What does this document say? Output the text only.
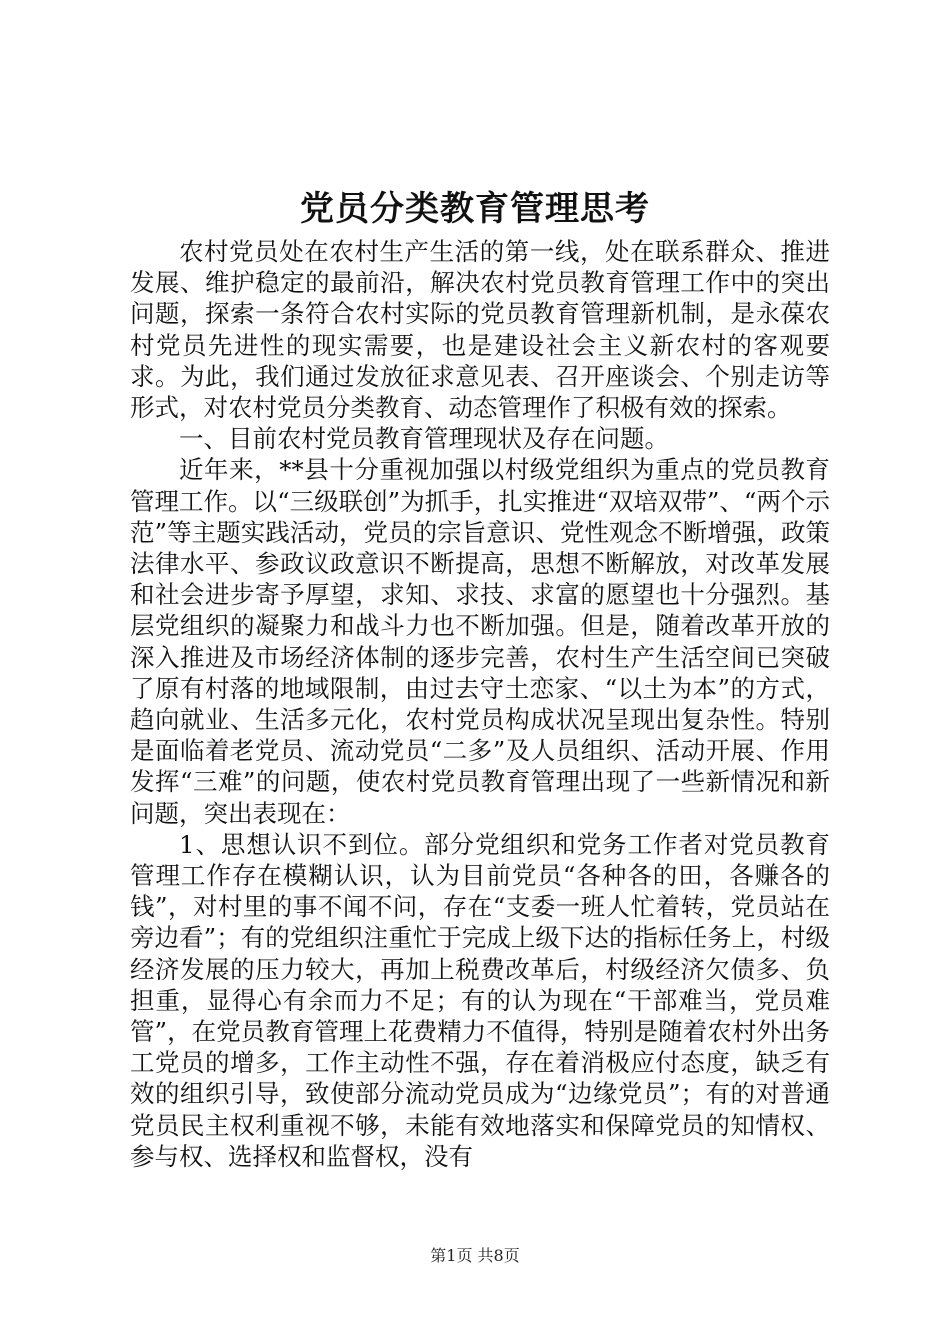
党员分类教育管理思考

农村党员处在农村生产生活的第一线，处在联系群众、推进发展、维护稳定的最前沿，解决农村党员教育管理工作中的突出问题，探索一条符合农村实际的党员教育管理新机制，是永葆农村党员先进性的现实需要，也是建设社会主义新农村的客观要求。为此，我们通过发放征求意见表、召开座谈会、个别走访等形式，对农村党员分类教育、动态管理作了积极有效的探索。

一、目前农村党员教育管理现状及存在问题。

近年来，**县十分重视加强以村级党组织为重点的党员教育管理工作。以“三级联创”为抓手，扎实推进“双培双带”、“两个示范”等主题实践活动，党员的宗旨意识、党性观念不断增强，政策法律水平、参政议政意识不断提高，思想不断解放，对改革发展和社会进步寄予厚望，求知、求技、求富的愿望也十分强烈。基层党组织的凝聚力和战斗力也不断加强。但是，随着改革开放的深入推进及市场经济体制的逐步完善，农村生产生活空间已突破了原有村落的地域限制，由过去守土恋家、“以土为本”的方式，趋向就业、生活多元化，农村党员构成状况呈现出复杂性。特别是面临着老党员、流动党员“二多”及人员组织、活动开展、作用发挥“三难”的问题，使农村党员教育管理出现了一些新情况和新问题，突出表现在：

1、思想认识不到位。部分党组织和党务工作者对党员教育管理工作存在模糊认识，认为目前党员“各种各的田，各赚各的钱”，对村里的事不闻不问，存在“支委一班人忙着转，党员站在旁边看”；有的党组织注重忙于完成上级下达的指标任务上，村级经济发展的压力较大，再加上税费改革后，村级经济欠债多、负担重，显得心有余而力不足；有的认为现在“干部难当，党员难管”，在党员教育管理上花费精力不值得，特别是随着农村外出务工党员的增多，工作主动性不强，存在着消极应付态度，缺乏有效的组织引导，致使部分流动党员成为“边缘党员”；有的对普通党员民主权利重视不够，未能有效地落实和保障党员的知情权、参与权、选择权和监督权，没有

第1页 共8页
